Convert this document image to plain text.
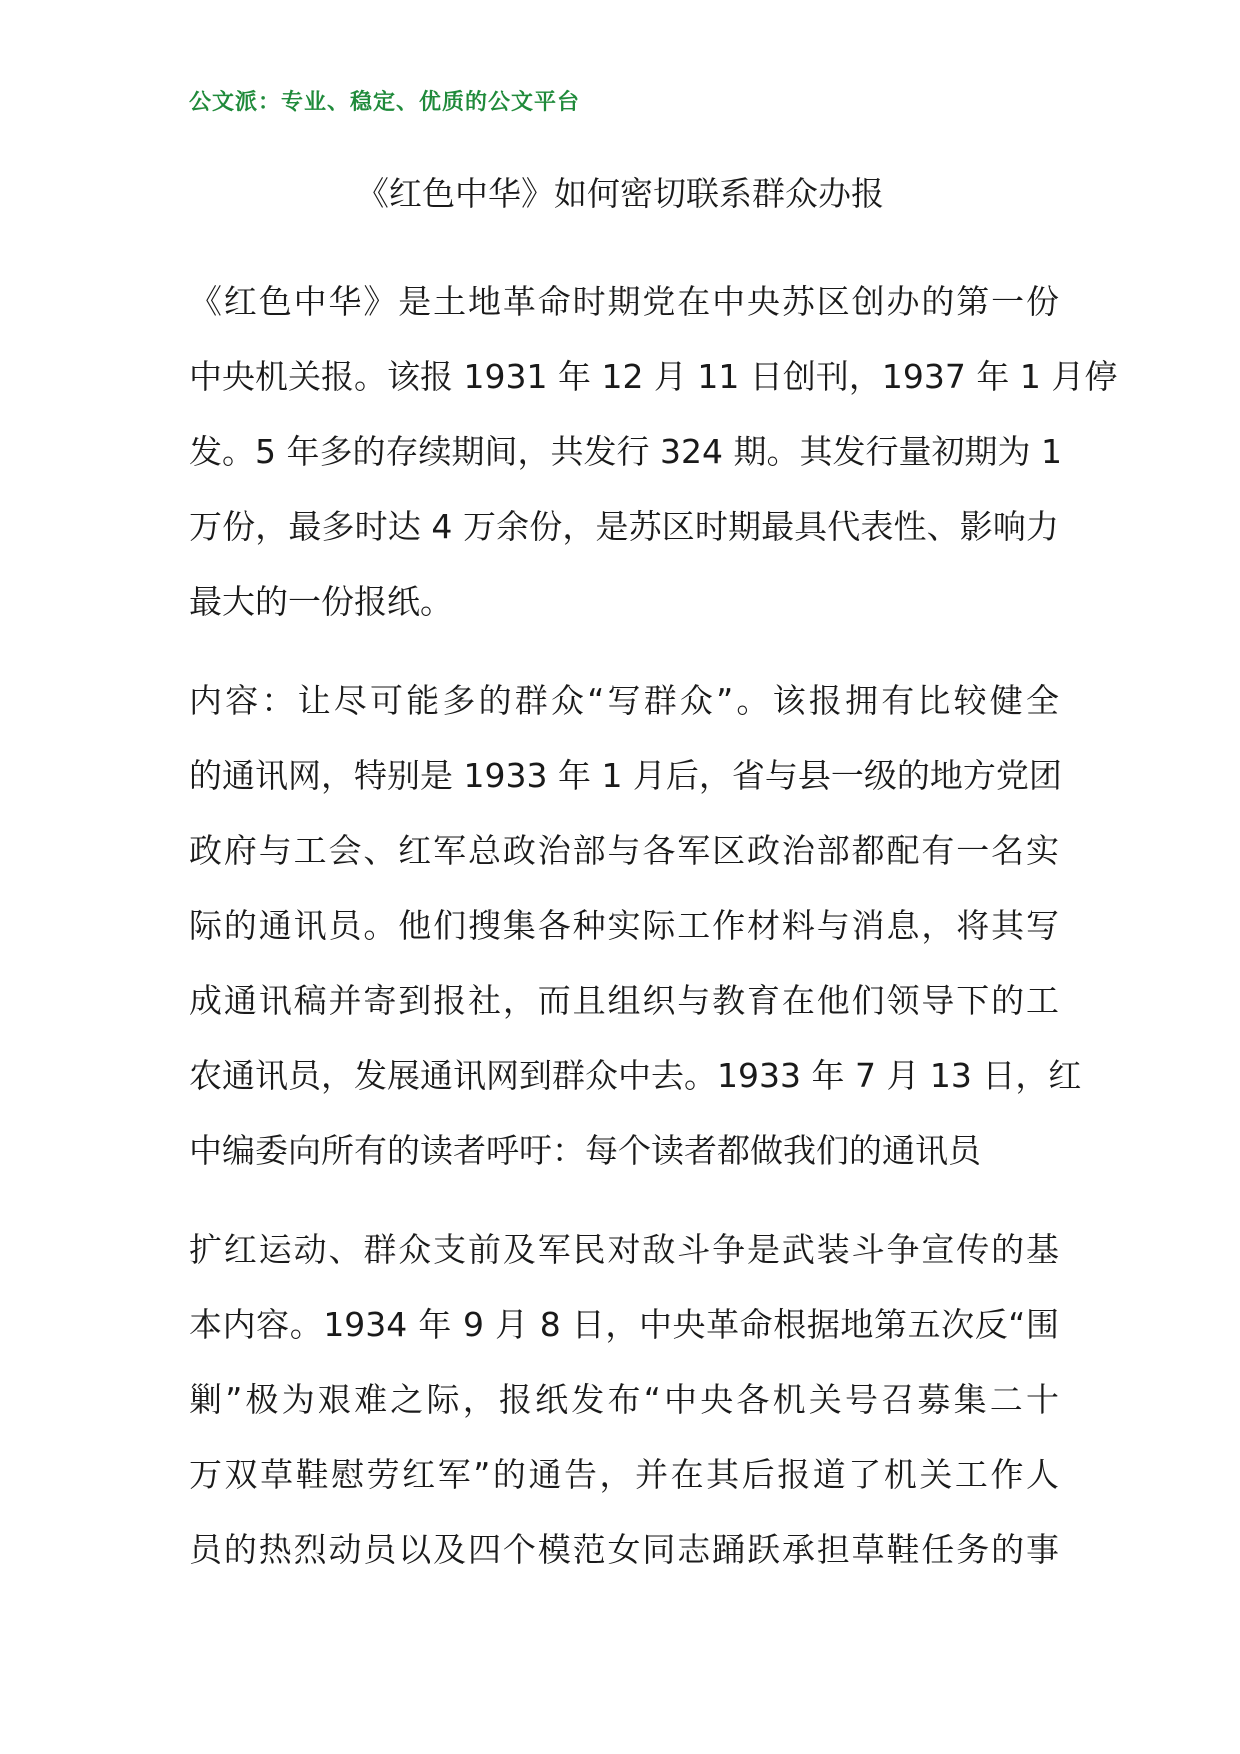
公文派：专业、稳定、优质的公文平台
《红色中华》如何密切联系群众办报
《红色中华》是土地革命时期党在中央苏区创办的第一份
中央机关报。该报 1931 年 12 月 11 日创刊，1937 年 1 月停
发。5 年多的存续期间，共发行 324 期。其发行量初期为 1
万份，最多时达 4 万余份，是苏区时期最具代表性、影响力
最大的一份报纸。
内容：让尽可能多的群众“写群众”。该报拥有比较健全
的通讯网，特别是 1933 年 1 月后，省与县一级的地方党团
政府与工会、红军总政治部与各军区政治部都配有一名实
际的通讯员。他们搜集各种实际工作材料与消息，将其写
成通讯稿并寄到报社，而且组织与教育在他们领导下的工
农通讯员，发展通讯网到群众中去。1933 年 7 月 13 日，红
中编委向所有的读者呼吁：每个读者都做我们的通讯员
扩红运动、群众支前及军民对敌斗争是武装斗争宣传的基
本内容。1934 年 9 月 8 日，中央革命根据地第五次反“围
剿”极为艰难之际，报纸发布“中央各机关号召募集二十
万双草鞋慰劳红军”的通告，并在其后报道了机关工作人
员的热烈动员以及四个模范女同志踊跃承担草鞋任务的事
